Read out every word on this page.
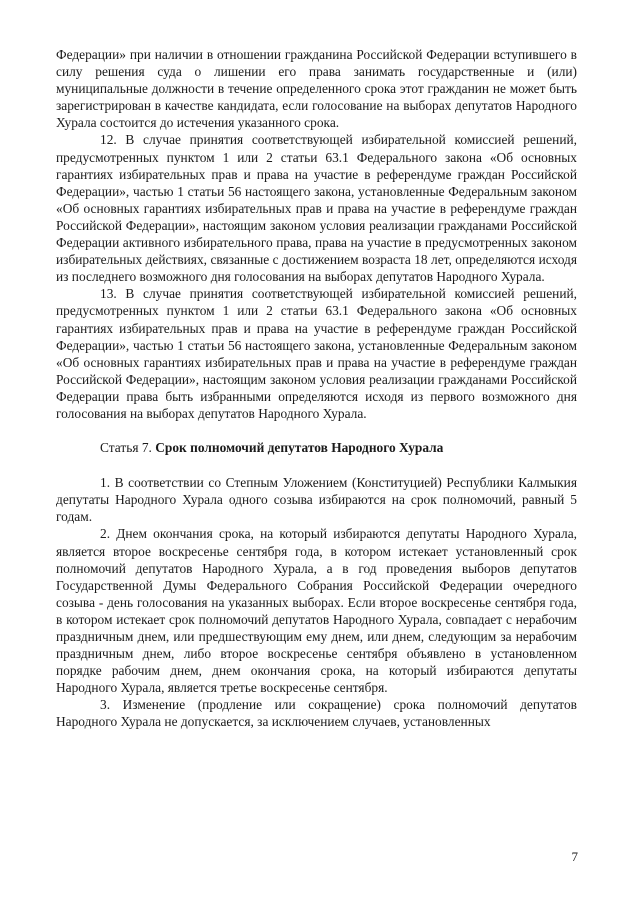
Федерации» при наличии в отношении гражданина Российской Федерации вступившего в силу решения суда о лишении его права занимать государственные и (или) муниципальные должности в течение определенного срока этот гражданин не может быть зарегистрирован в качестве кандидата, если голосование на выборах депутатов Народного Хурала состоится до истечения указанного срока.

12. В случае принятия соответствующей избирательной комиссией решений, предусмотренных пунктом 1 или 2 статьи 63.1 Федерального закона «Об основных гарантиях избирательных прав и права на участие в референдуме граждан Российской Федерации», частью 1 статьи 56 настоящего закона, установленные Федеральным законом «Об основных гарантиях избирательных прав и права на участие в референдуме граждан Российской Федерации», настоящим законом условия реализации гражданами Российской Федерации активного избирательного права, права на участие в предусмотренных законом избирательных действиях, связанные с достижением возраста 18 лет, определяются исходя из последнего возможного дня голосования на выборах депутатов Народного Хурала.

13. В случае принятия соответствующей избирательной комиссией решений, предусмотренных пунктом 1 или 2 статьи 63.1 Федерального закона «Об основных гарантиях избирательных прав и права на участие в референдуме граждан Российской Федерации», частью 1 статьи 56 настоящего закона, установленные Федеральным законом «Об основных гарантиях избирательных прав и права на участие в референдуме граждан Российской Федерации», настоящим законом условия реализации гражданами Российской Федерации права быть избранными определяются исходя из первого возможного дня голосования на выборах депутатов Народного Хурала.

Статья 7. Срок полномочий депутатов Народного Хурала

1. В соответствии со Степным Уложением (Конституцией) Республики Калмыкия депутаты Народного Хурала одного созыва избираются на срок полномочий, равный 5 годам.

2. Днем окончания срока, на который избираются депутаты Народного Хурала, является второе воскресенье сентября года, в котором истекает установленный срок полномочий депутатов Народного Хурала, а в год проведения выборов депутатов Государственной Думы Федерального Собрания Российской Федерации очередного созыва - день голосования на указанных выборах. Если второе воскресенье сентября года, в котором истекает срок полномочий депутатов Народного Хурала, совпадает с нерабочим праздничным днем, или предшествующим ему днем, или днем, следующим за нерабочим праздничным днем, либо второе воскресенье сентября объявлено в установленном порядке рабочим днем, днем окончания срока, на который избираются депутаты Народного Хурала, является третье воскресенье сентября.

3. Изменение (продление или сокращение) срока полномочий депутатов Народного Хурала не допускается, за исключением случаев, установленных

7
